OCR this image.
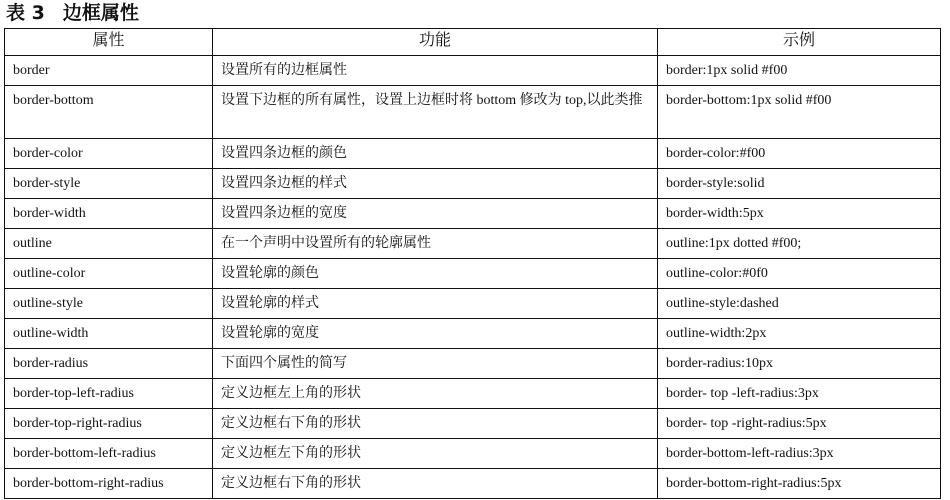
表 3 边框属性
属性	功能	示例
border	设置所有的边框属性	border:1px solid #f00
border-bottom	设置下边框的所有属性，设置上边框时将 bottom 修改为 top,以此类推	border-bottom:1px solid #f00
border-color	设置四条边框的颜色	border-color:#f00
border-style	设置四条边框的样式	border-style:solid
border-width	设置四条边框的宽度	border-width:5px
outline	在一个声明中设置所有的轮廓属性	outline:1px dotted #f00;
outline-color	设置轮廓的颜色	outline-color:#0f0
outline-style	设置轮廓的样式	outline-style:dashed
outline-width	设置轮廓的宽度	outline-width:2px
border-radius	下面四个属性的简写	border-radius:10px
border-top-left-radius	定义边框左上角的形状	border- top -left-radius:3px
border-top-right-radius	定义边框右下角的形状	border- top -right-radius:5px
border-bottom-left-radius	定义边框左下角的形状	border-bottom-left-radius:3px
border-bottom-right-radius	定义边框右下角的形状	border-bottom-right-radius:5px
